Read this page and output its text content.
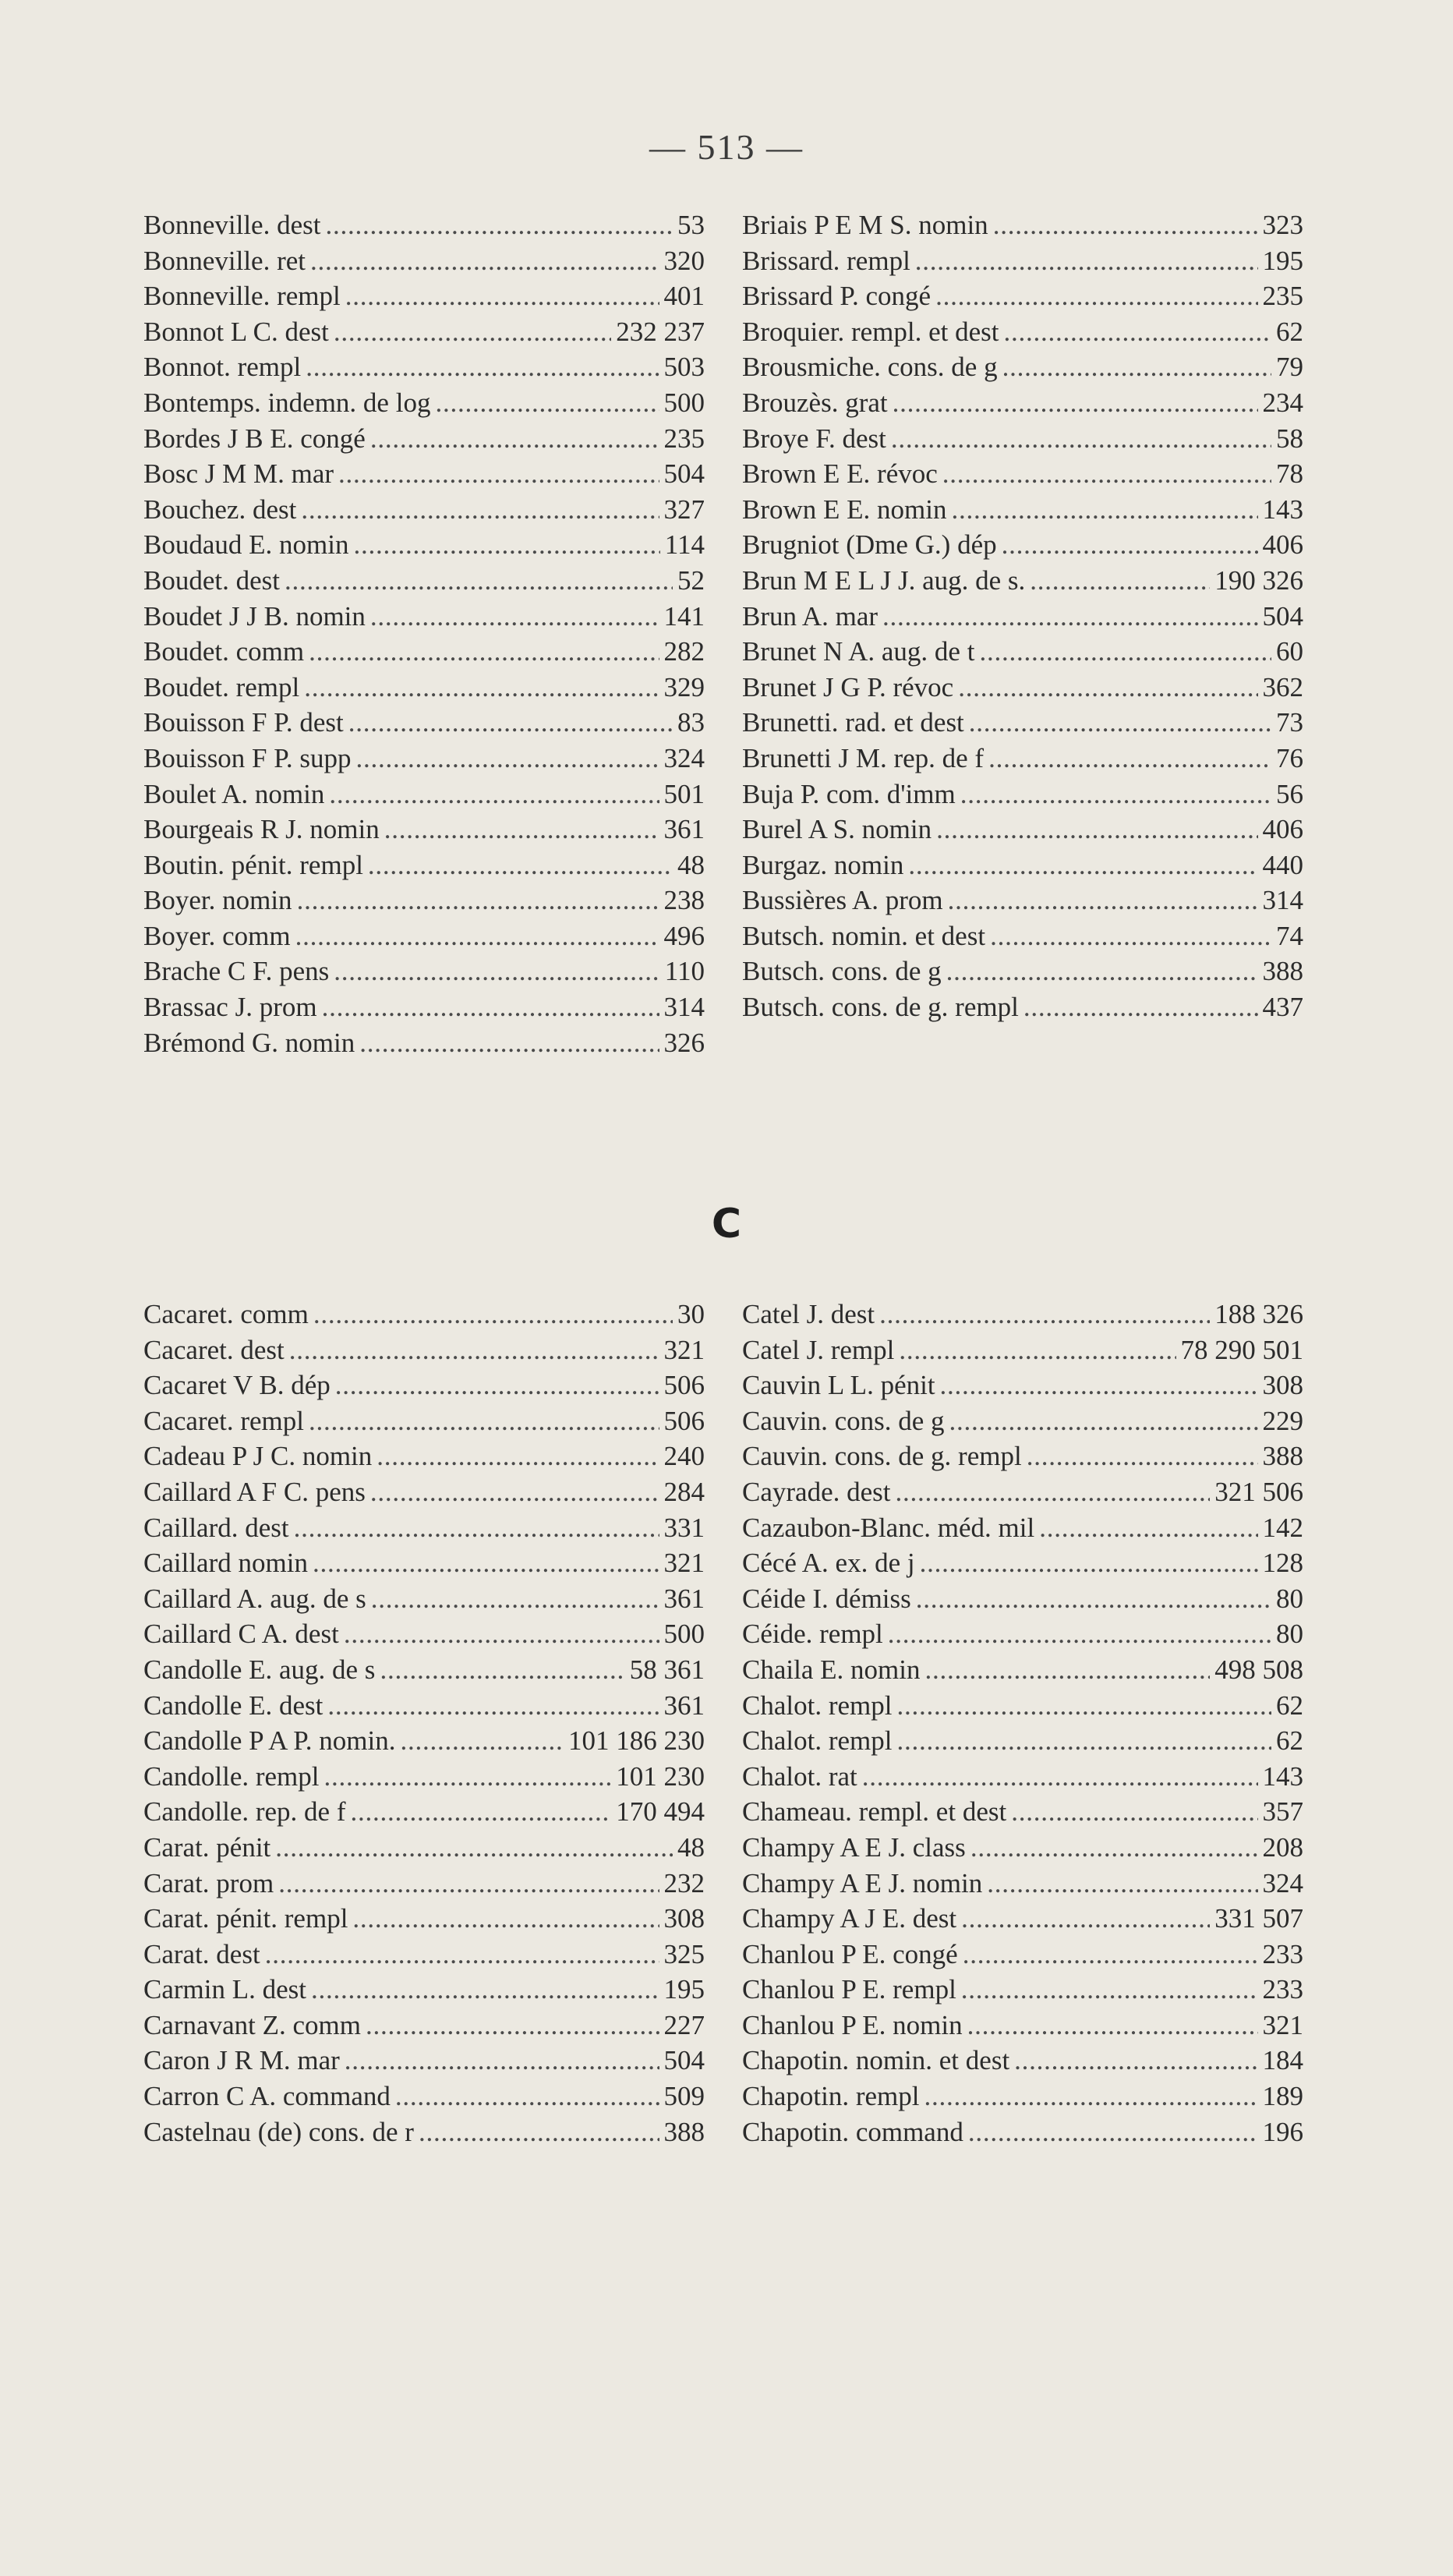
— 513 —
Bonneville. dest . . .	53
Bonneville. ret . . .	320
Bonneville. rempl . . .	401
Bonnot L C. dest . . .	232 237
Bonnot. rempl . . .	503
Bontemps. indemn. de log . . .	500
Bordes J B E. congé . . .	235
Bosc J M M. mar . . .	504
Bouchez. dest . . .	327
Boudaud E. nomin . . .	114
Boudet. dest . . .	52
Boudet J J B. nomin . . .	141
Boudet. comm . . .	282
Boudet. rempl . . .	329
Bouisson F P. dest . . .	83
Bouisson F P. supp . . .	324
Boulet A. nomin . . .	501
Bourgeais R J. nomin . . .	361
Boutin. pénit. rempl . . .	48
Boyer. nomin . . .	238
Boyer. comm . . .	496
Brache C F. pens . . .	110
Brassac J. prom . . .	314
Brémond G. nomin . . .	326
Briais P E M S. nomin . . .	323
Brissard. rempl . . .	195
Brissard P. congé . . .	235
Broquier. rempl. et dest . . .	62
Brousmiche. cons. de g . . .	79
Brouzès. grat . . .	234
Broye F. dest . . .	58
Brown E E. révoc . . .	78
Brown E E. nomin . . .	143
Brugniot (Dme G.) dép . . .	406
Brun M E L J J. aug. de s. . . .	190 326
Brun A. mar . . .	504
Brunet N A. aug. de t . . .	60
Brunet J G P. révoc . . .	362
Brunetti. rad. et dest . . .	73
Brunetti J M. rep. de f . . .	76
Buja P. com. d'imm . . .	56
Burel A S. nomin . . .	406
Burgaz. nomin . . .	440
Bussières A. prom . . .	314
Butsch. nomin. et dest . . .	74
Butsch. cons. de g . . .	388
Butsch. cons. de g. rempl . . .	437
C
Cacaret. comm . . .	30
Cacaret. dest . . .	321
Cacaret V B. dép . . .	506
Cacaret. rempl . . .	506
Cadeau P J C. nomin . . .	240
Caillard A F C. pens . . .	284
Caillard. dest . . .	331
Caillard nomin . . .	321
Caillard A. aug. de s . . .	361
Caillard C A. dest . . .	500
Candolle E. aug. de s . . .	58 361
Candolle E. dest . . .	361
Candolle P A P. nomin. . . .	101 186 230
Candolle. rempl . . .	101 230
Candolle. rep. de f . . .	170 494
Carat. pénit . . .	48
Carat. prom . . .	232
Carat. pénit. rempl . . .	308
Carat. dest . . .	325
Carmin L. dest . . .	195
Carnavant Z. comm . . .	227
Caron J R M. mar . . .	504
Carron C A. command . . .	509
Castelnau (de) cons. de r . . .	388
Catel J. dest . . .	188 326
Catel J. rempl . . .	78 290 501
Cauvin L L. pénit . . .	308
Cauvin. cons. de g . . .	229
Cauvin. cons. de g. rempl . . .	388
Cayrade. dest . . .	321 506
Cazaubon-Blanc. méd. mil . . .	142
Cécé A. ex. de j . . .	128
Céide I. démiss . . .	80
Céide. rempl . . .	80
Chaila E. nomin . . .	498 508
Chalot. rempl . . .	62
Chalot. rempl . . .	62
Chalot. rat . . .	143
Chameau. rempl. et dest . . .	357
Champy A E J. class . . .	208
Champy A E J. nomin . . .	324
Champy A J E. dest . . .	331 507
Chanlou P E. congé . . .	233
Chanlou P E. rempl . . .	233
Chanlou P E. nomin . . .	321
Chapotin. nomin. et dest . . .	184
Chapotin. rempl . . .	189
Chapotin. command . . .	196
